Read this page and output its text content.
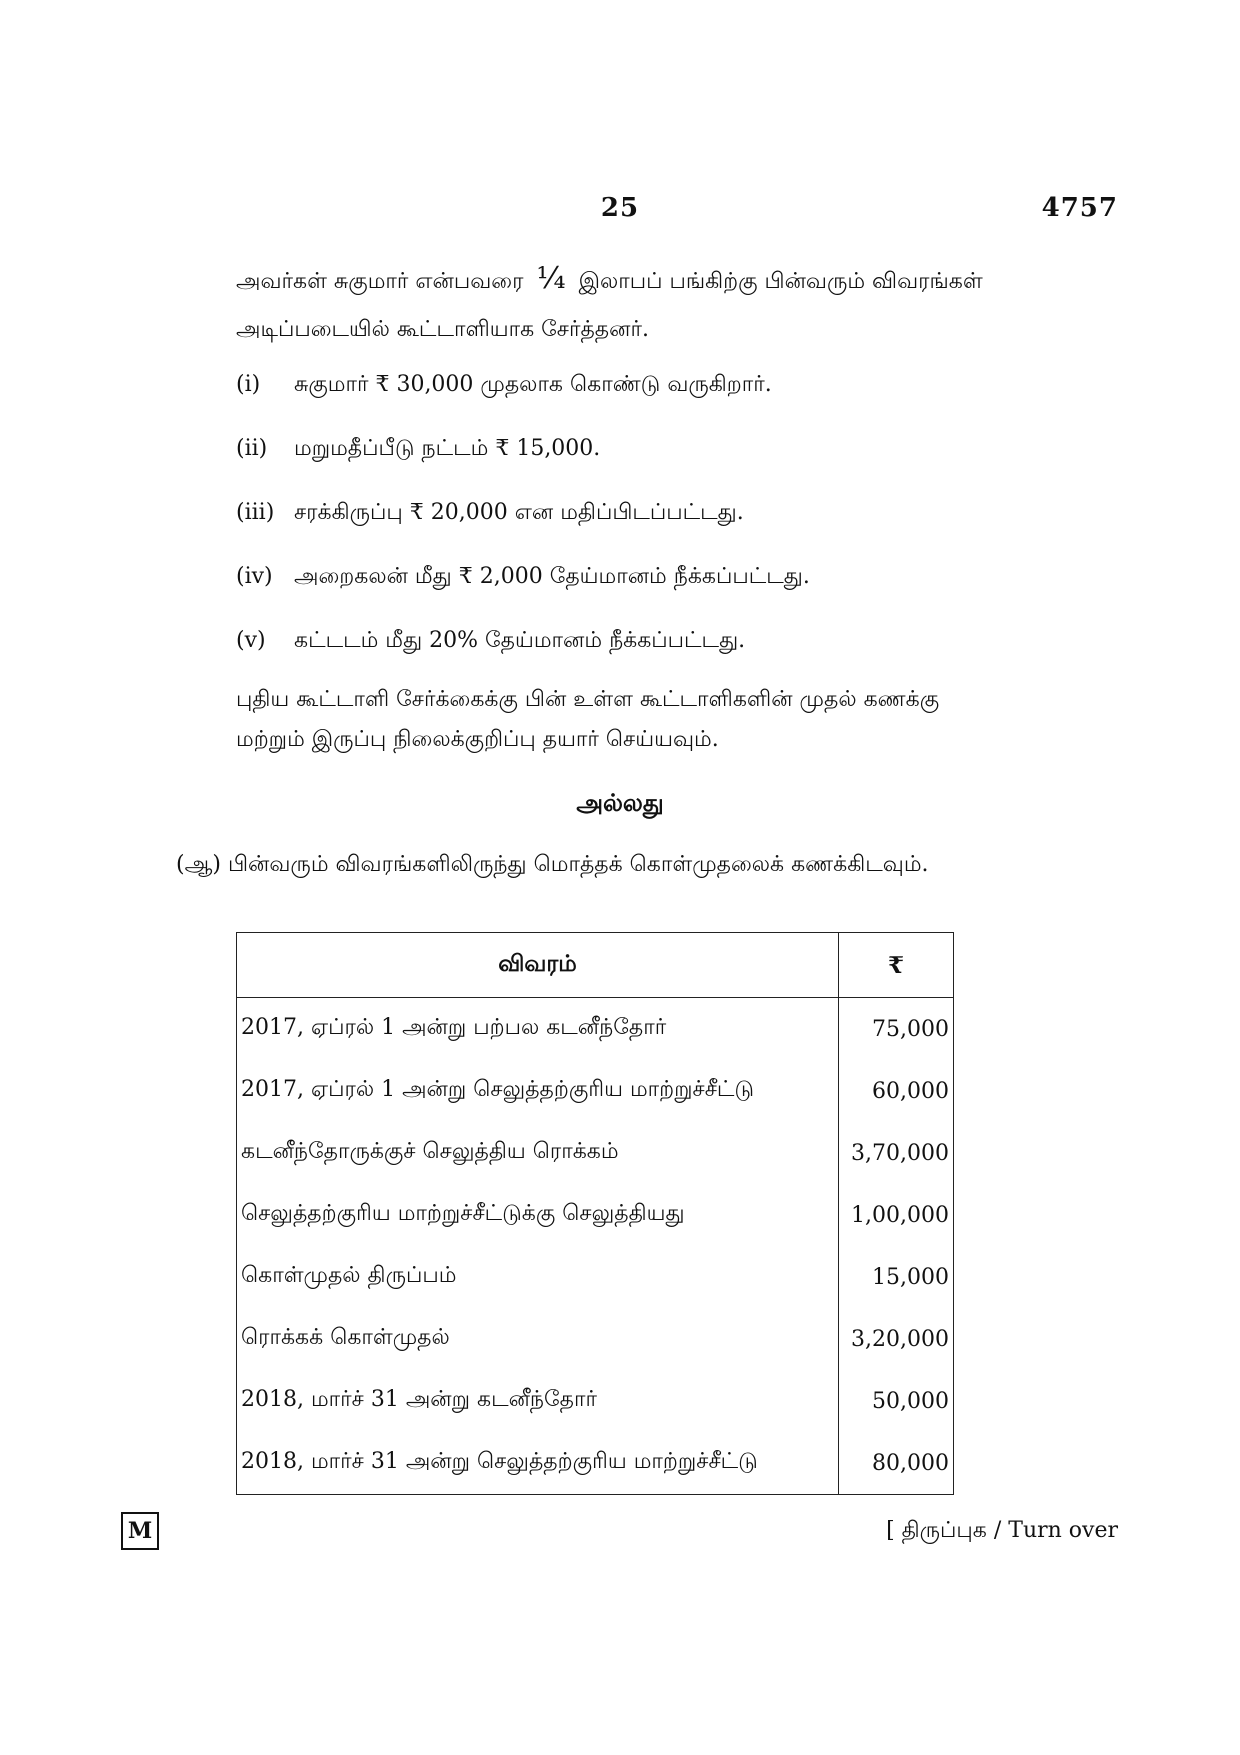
25	4757
அவர்கள் சுகுமார் என்பவரை ¼ இலாபப் பங்கிற்கு பின்வரும் விவரங்கள்
அடிப்படையில் கூட்டாளியாக சேர்த்தனர்.
(i)	சுகுமார் ₹ 30,000 முதலாக கொண்டு வருகிறார்.
(ii)	மறுமதீப்பீடு நட்டம் ₹ 15,000.
(iii) சரக்கிருப்பு ₹ 20,000 என மதிப்பிடப்பட்டது.
(iv) அறைகலன் மீது ₹ 2,000 தேய்மானம் நீக்கப்பட்டது.
(v)	கட்டடம் மீது 20% தேய்மானம் நீக்கப்பட்டது.
புதிய கூட்டாளி சேர்க்கைக்கு பின் உள்ள கூட்டாளிகளின் முதல் கணக்கு
மற்றும் இருப்பு நிலைக்குறிப்பு தயார் செய்யவும்.
அல்லது
(ஆ) பின்வரும் விவரங்களிலிருந்து மொத்தக் கொள்முதலைக் கணக்கிடவும்.
விவரம்	₹
2017, ஏப்ரல் 1 அன்று பற்பல கடனீந்தோர்	75,000
2017, ஏப்ரல் 1 அன்று செலுத்தற்குரிய மாற்றுச்சீட்டு	60,000
கடனீந்தோருக்குச் செலுத்திய ரொக்கம்	3,70,000
செலுத்தற்குரிய மாற்றுச்சீட்டுக்கு செலுத்தியது	1,00,000
கொள்முதல் திருப்பம்	15,000
ரொக்கக் கொள்முதல்	3,20,000
2018, மார்ச் 31 அன்று கடனீந்தோர்	50,000
2018, மார்ச் 31 அன்று செலுத்தற்குரிய மாற்றுச்சீட்டு	80,000
M	[ திருப்புக / Turn over
